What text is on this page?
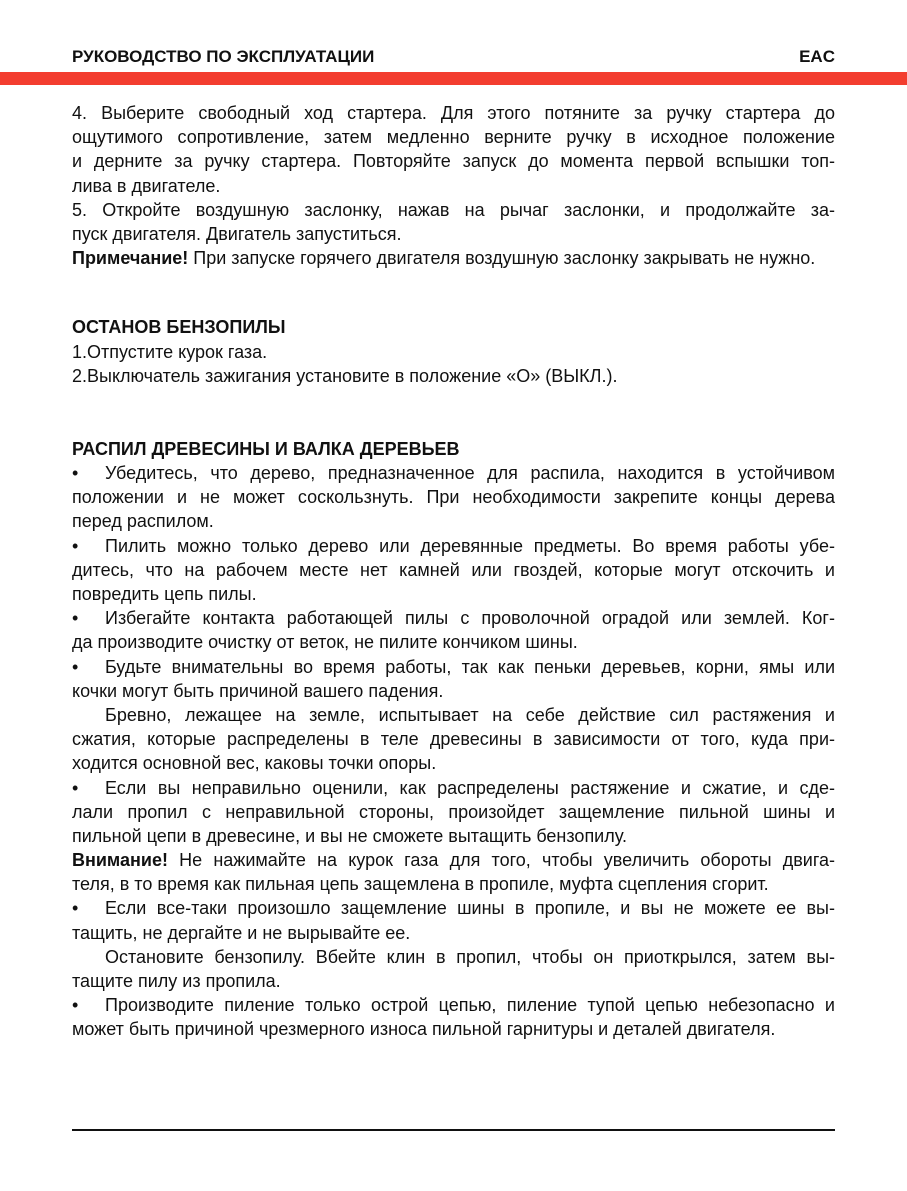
РУКОВОДСТВО ПО ЭКСПЛУАТАЦИИ	EAC
4. Выберите свободный ход стартера. Для этого потяните за ручку стартера до
ощутимого сопротивление, затем медленно верните ручку в исходное положение
и дерните за ручку стартера. Повторяйте запуск до момента первой вспышки топ-
лива в двигателе.
5. Откройте воздушную заслонку, нажав на рычаг заслонки, и продолжайте за-
пуск двигателя. Двигатель запуститься.
Примечание! При запуске горячего двигателя воздушную заслонку закрывать не нужно.
ОСТАНОВ БЕНЗОПИЛЫ
1.Отпустите курок газа.
2.Выключатель зажигания установите в положение «О» (ВЫКЛ.).
РАСПИЛ ДРЕВЕСИНЫ И ВАЛКА ДЕРЕВЬЕВ
•	Убедитесь, что дерево, предназначенное для распила, находится в устойчивом
положении и не может соскользнуть. При необходимости закрепите концы дерева
перед распилом.
•	Пилить можно только дерево или деревянные предметы. Во время работы убе-
дитесь, что на рабочем месте нет камней или гвоздей, которые могут отскочить и
повредить цепь пилы.
•	Избегайте контакта работающей пилы с проволочной оградой или землей. Ког-
да производите очистку от веток, не пилите кончиком шины.
•	Будьте внимательны во время работы, так как пеньки деревьев, корни, ямы или
кочки могут быть причиной вашего падения.
Бревно, лежащее на земле, испытывает на себе действие сил растяжения и
сжатия, которые распределены в теле древесины в зависимости от того, куда при-
ходится основной вес, каковы точки опоры.
•	Если вы неправильно оценили, как распределены растяжение и сжатие, и сде-
лали пропил с неправильной стороны, произойдет защемление пильной шины и
пильной цепи в древесине, и вы не сможете вытащить бензопилу.
Внимание! Не нажимайте на курок газа для того, чтобы увеличить обороты двига-
теля, в то время как пильная цепь защемлена в пропиле, муфта сцепления сгорит.
•	Если все-таки произошло защемление шины в пропиле, и вы не можете ее вы-
тащить, не дергайте и не вырывайте ее.
Остановите бензопилу. Вбейте клин в пропил, чтобы он приоткрылся, затем вы-
тащите пилу из пропила.
•	Производите пиление только острой цепью, пиление тупой цепью небезопасно и
может быть причиной чрезмерного износа пильной гарнитуры и деталей двигателя.
